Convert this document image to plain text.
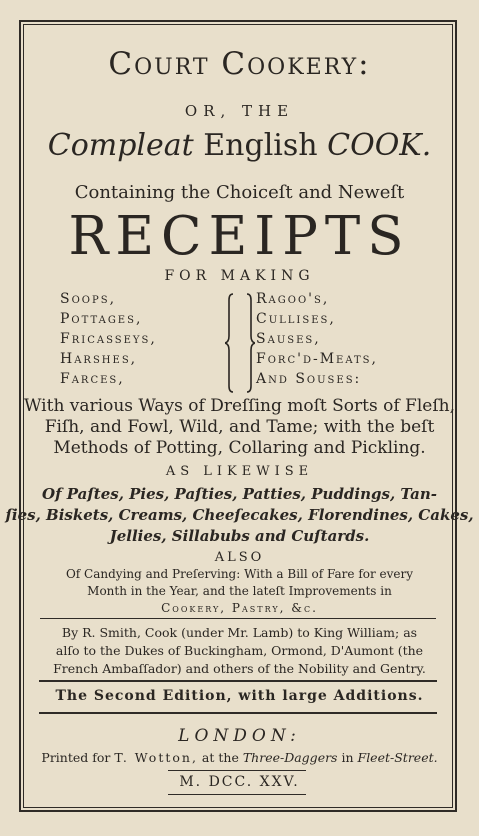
Court Cookery:
OR, THE
Compleat English COOK.
Containing the Choiceſt and Neweſt
RECEIPTS
FOR MAKING
Soops,
Pottages,
Fricasseys,
Harshes,
Farces,
Ragoo's,
Cullises,
Sauses,
Forc'd-Meats,
And Souses:
With various Ways of Dreſſing moſt Sorts of Fleſh,
Fiſh, and Fowl, Wild, and Tame; with the beſt
Methods of Potting, Collaring and Pickling.
AS LIKEWISE
Of Paſtes, Pies, Paſties, Patties, Puddings, Tan-
ſies, Biskets, Creams, Cheeſecakes, Florendines, Cakes,
Jellies, Sillabubs and Cuſtards.
ALSO
Of Candying and Preſerving: With a Bill of Fare for every
Month in the Year, and the lateſt Improvements in
Cookery, Pastry, &c.
By R. Smith, Cook (under Mr. Lamb) to King William; as
alſo to the Dukes of Buckingham, Ormond, D'Aumont (the
French Ambaſſador) and others of the Nobility and Gentry.
The Second Edition, with large Additions.
LONDON:
Printed for T. Wotton, at the Three-Daggers in Fleet-Street.
M. DCC. XXV.
